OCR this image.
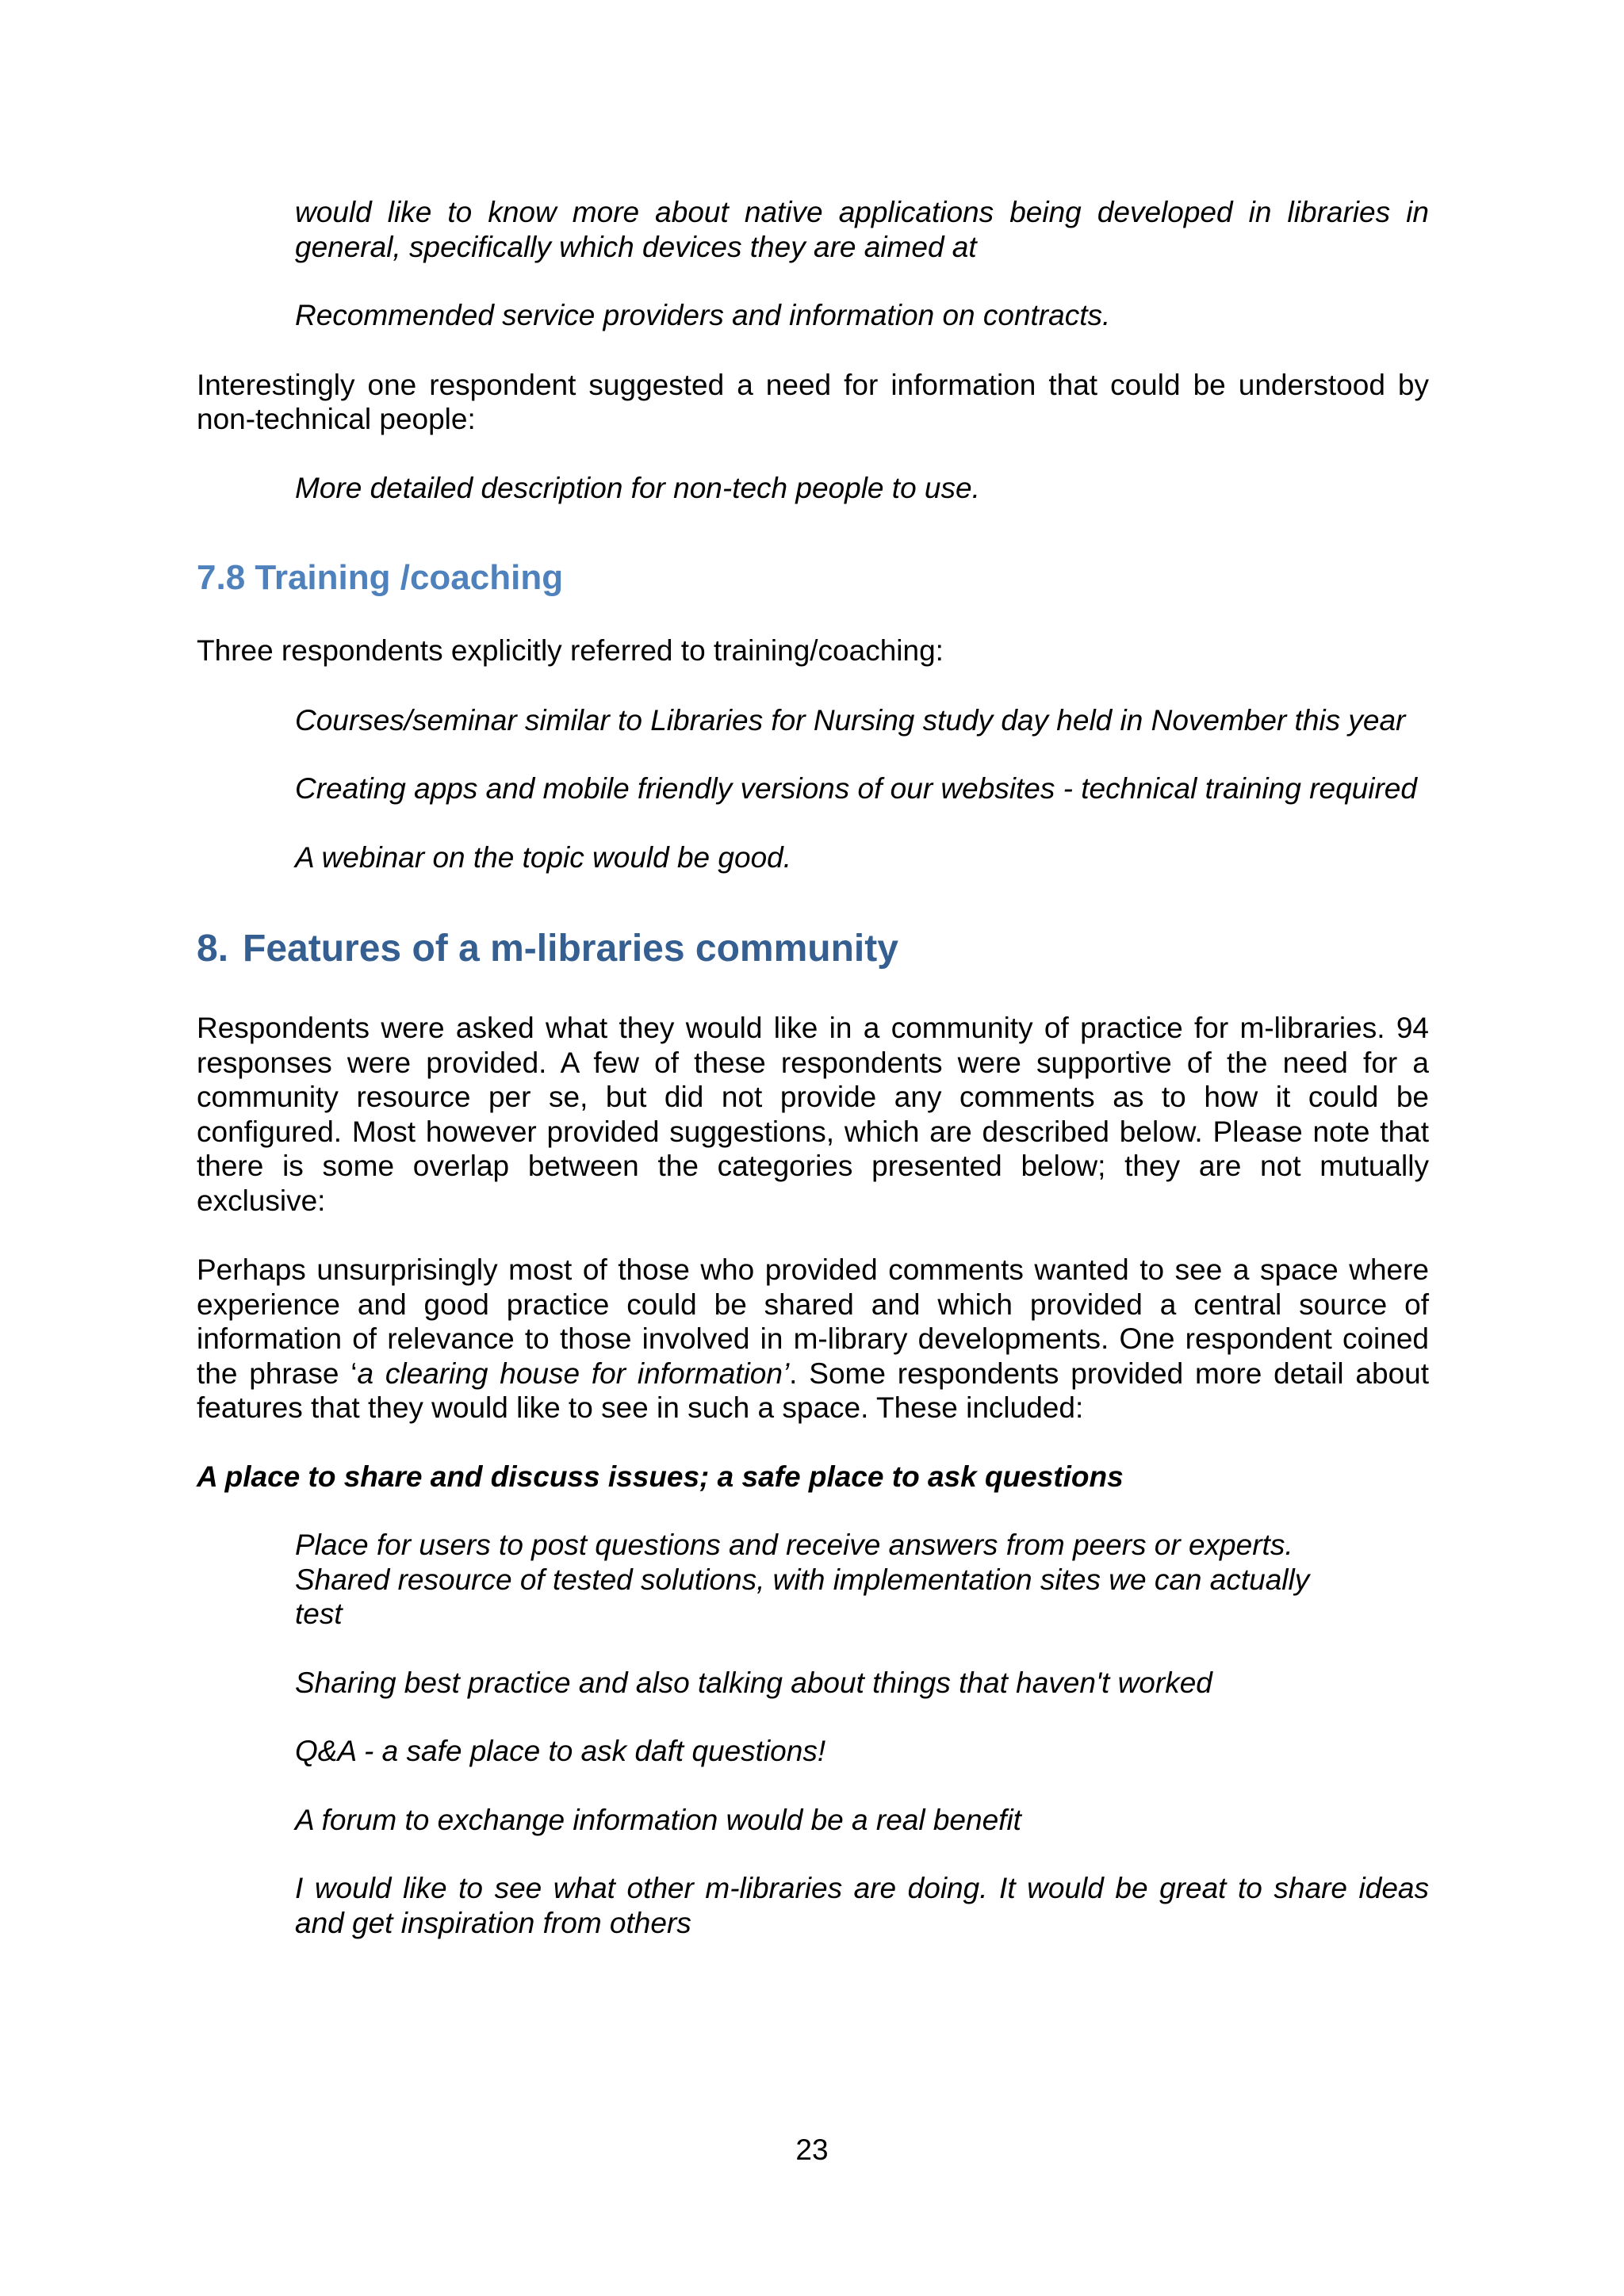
would like to know more about native applications being developed in libraries in general, specifically which devices they are aimed at

Recommended service providers and information on contracts.

Interestingly one respondent suggested a need for information that could be understood by non-technical people:

More detailed description for non-tech people to use.

7.8 Training /coaching

Three respondents explicitly referred to training/coaching:

Courses/seminar similar to Libraries for Nursing study day held in November this year

Creating apps and mobile friendly versions of our websites - technical training required

A webinar on the topic would be good.

8. Features of a m-libraries community

Respondents were asked what they would like in a community of practice for m-libraries. 94 responses were provided. A few of these respondents were supportive of the need for a community resource per se, but did not provide any comments as to how it could be configured. Most however provided suggestions, which are described below. Please note that there is some overlap between the categories presented below; they are not mutually exclusive:

Perhaps unsurprisingly most of those who provided comments wanted to see a space where experience and good practice could be shared and which provided a central source of information of relevance to those involved in m-library developments. One respondent coined the phrase ‘a clearing house for information’. Some respondents provided more detail about features that they would like to see in such a space. These included:

A place to share and discuss issues; a safe place to ask questions

Place for users to post questions and receive answers from peers or experts.
Shared resource of tested solutions, with implementation sites we can actually
test

Sharing best practice and also talking about things that haven't worked

Q&A - a safe place to ask daft questions!

A forum to exchange information would be a real benefit

I would like to see what other m-libraries are doing. It would be great to share ideas and get inspiration from others

23
